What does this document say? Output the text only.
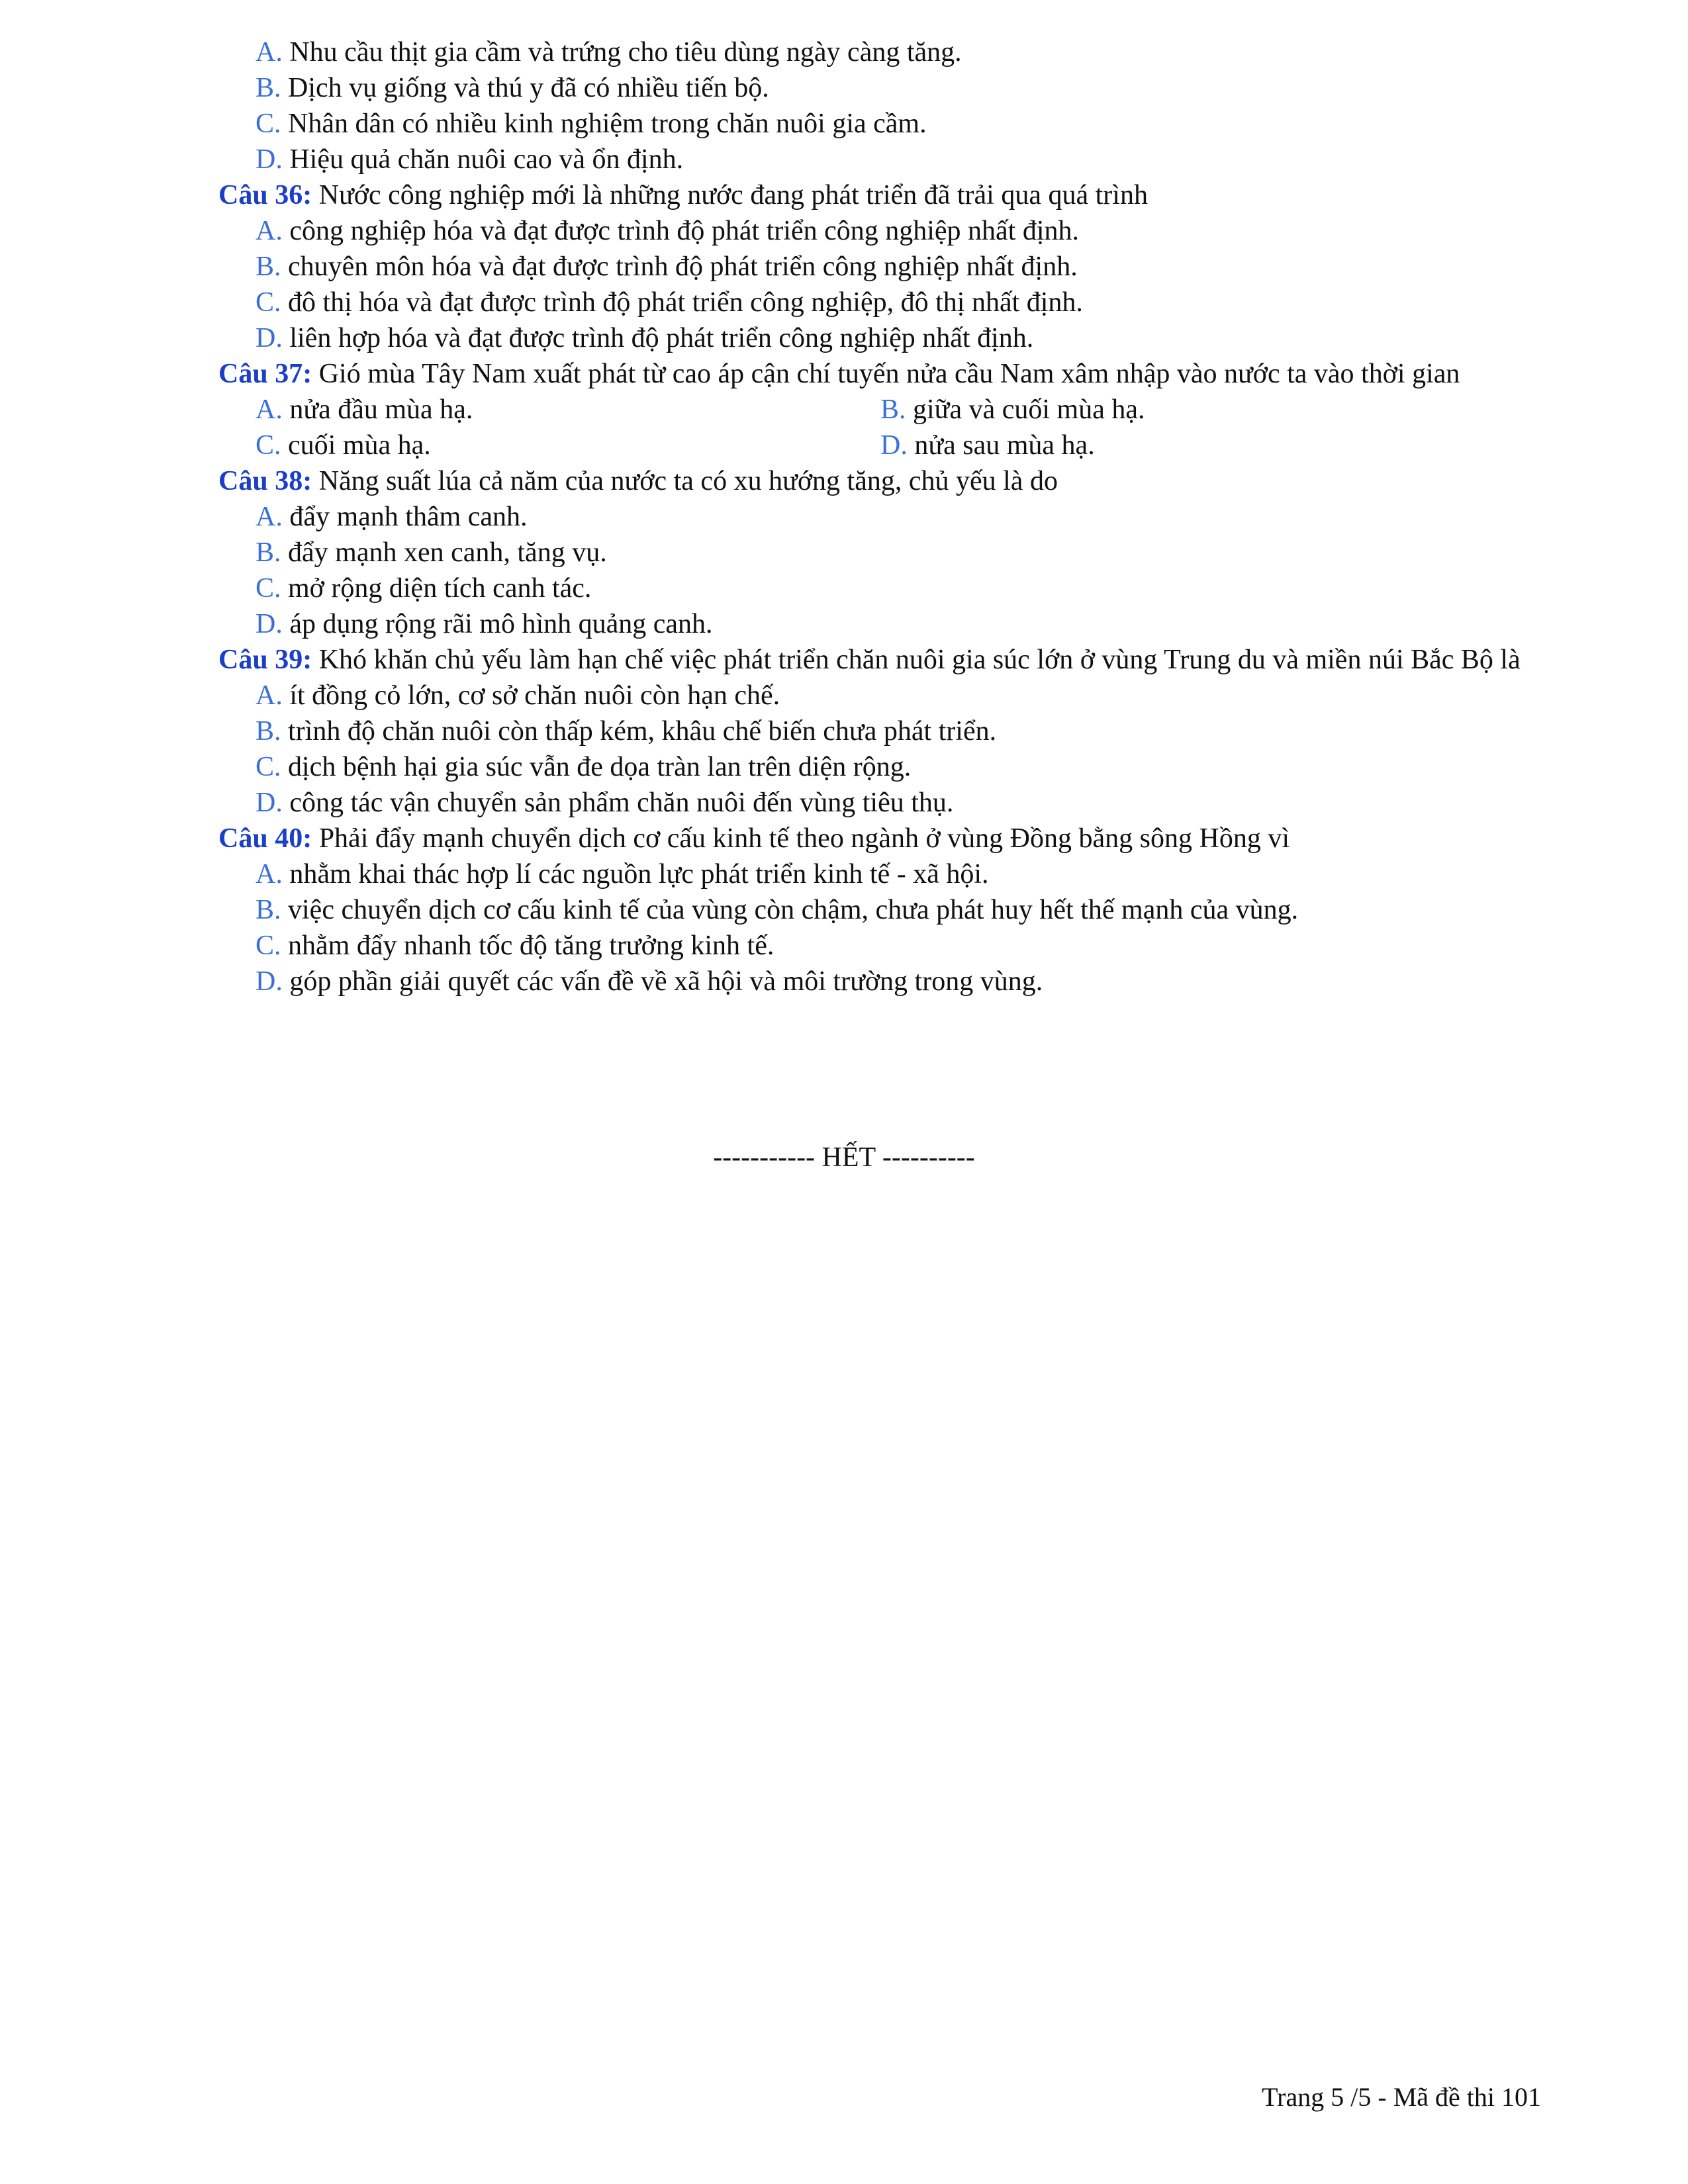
A. Nhu cầu thịt gia cầm và trứng cho tiêu dùng ngày càng tăng.
B. Dịch vụ giống và thú y đã có nhiều tiến bộ.
C. Nhân dân có nhiều kinh nghiệm trong chăn nuôi gia cầm.
D. Hiệu quả chăn nuôi cao và ổn định.
Câu 36: Nước công nghiệp mới là những nước đang phát triển đã trải qua quá trình
A. công nghiệp hóa và đạt được trình độ phát triển công nghiệp nhất định.
B. chuyên môn hóa và đạt được trình độ phát triển công nghiệp nhất định.
C. đô thị hóa và đạt được trình độ phát triển công nghiệp, đô thị nhất định.
D. liên hợp hóa và đạt được trình độ phát triển công nghiệp nhất định.
Câu 37: Gió mùa Tây Nam xuất phát từ cao áp cận chí tuyến nửa cầu Nam xâm nhập vào nước ta vào thời gian
A. nửa đầu mùa hạ.	B. giữa và cuối mùa hạ.
C. cuối mùa hạ.	D. nửa sau mùa hạ.
Câu 38: Năng suất lúa cả năm của nước ta có xu hướng tăng, chủ yếu là do
A. đẩy mạnh thâm canh.
B. đẩy mạnh xen canh, tăng vụ.
C. mở rộng diện tích canh tác.
D. áp dụng rộng rãi mô hình quảng canh.
Câu 39: Khó khăn chủ yếu làm hạn chế việc phát triển chăn nuôi gia súc lớn ở vùng Trung du và miền núi Bắc Bộ là
A. ít đồng cỏ lớn, cơ sở chăn nuôi còn hạn chế.
B. trình độ chăn nuôi còn thấp kém, khâu chế biến chưa phát triển.
C. dịch bệnh hại gia súc vẫn đe dọa tràn lan trên diện rộng.
D. công tác vận chuyển sản phẩm chăn nuôi đến vùng tiêu thụ.
Câu 40: Phải đẩy mạnh chuyển dịch cơ cấu kinh tế theo ngành ở vùng Đồng bằng sông Hồng vì
A. nhằm khai thác hợp lí các nguồn lực phát triển kinh tế - xã hội.
B. việc chuyển dịch cơ cấu kinh tế của vùng còn chậm, chưa phát huy hết thế mạnh của vùng.
C. nhằm đẩy nhanh tốc độ tăng trưởng kinh tế.
D. góp phần giải quyết các vấn đề về xã hội và môi trường trong vùng.
----------- HẾT ----------
Trang 5 /5 - Mã đề thi 101
